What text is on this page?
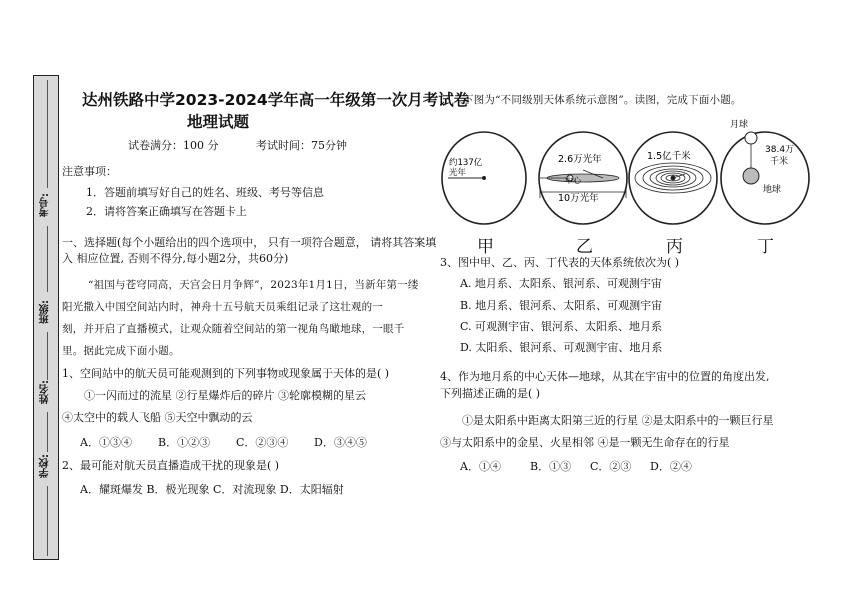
考号:
班级:
姓名:
学校:
达州铁路中学2023-2024学年高一年级第一次月考试卷
地理试题
试卷满分：100 分	考试时间：75分钟
注意事项：
1．答题前填写好自己的姓名、班级、考号等信息
2．请将答案正确填写在答题卡上
一、选择题(每个小题给出的四个选项中， 只有一项符合题意， 请将其答案填
入 相应位置, 否则不得分,每小题2分，共60分)
“祖国与苍穹同高，天宫会日月争辉”，2023年1月1日，当新年第一缕
阳光撒入中国空间站内时，神舟十五号航天员乘组记录了这壮观的一
刻，并开启了直播模式，让观众随着空间站的第一视角鸟瞰地球，一眼千
里。据此完成下面小题。
1、空间站中的航天员可能观测到的下列事物或现象属于天体的是( )
①一闪而过的流星 ②行星爆炸后的碎片 ③轮廓模糊的星云
④太空中的载人飞船 ⑤天空中飘动的云
A．①③④ B．①②③ C．②③④ D．③④⑤
2、最可能对航天员直播造成干扰的现象是( )
A．耀斑爆发 B．极光现象 C．对流现象 D．太阳辐射
下图为“不同级别天体系统示意图”。读图，完成下面小题。
约137亿
光年
2.6万光年
中心
10万光年
1.5亿千米
月球
38.4万
千米
地球
甲	乙	丙	丁
3、图中甲、乙、丙、丁代表的天体系统依次为( )
A. 地月系、太阳系、银河系、可观测宇宙
B. 地月系、银河系、太阳系、可观测宇宙
C. 可观测宇宙、银河系、太阳系、地月系
D. 太阳系、银河系、可观测宇宙、地月系
4、作为地月系的中心天体—地球，从其在宇宙中的位置的角度出发,
下列描述正确的是( )
①是太阳系中距离太阳第三近的行星 ②是太阳系中的一颗巨行星
③与太阳系中的金星、火星相邻 ④是一颗无生命存在的行星
A．①④	B．①③ C．②③ D．②④
